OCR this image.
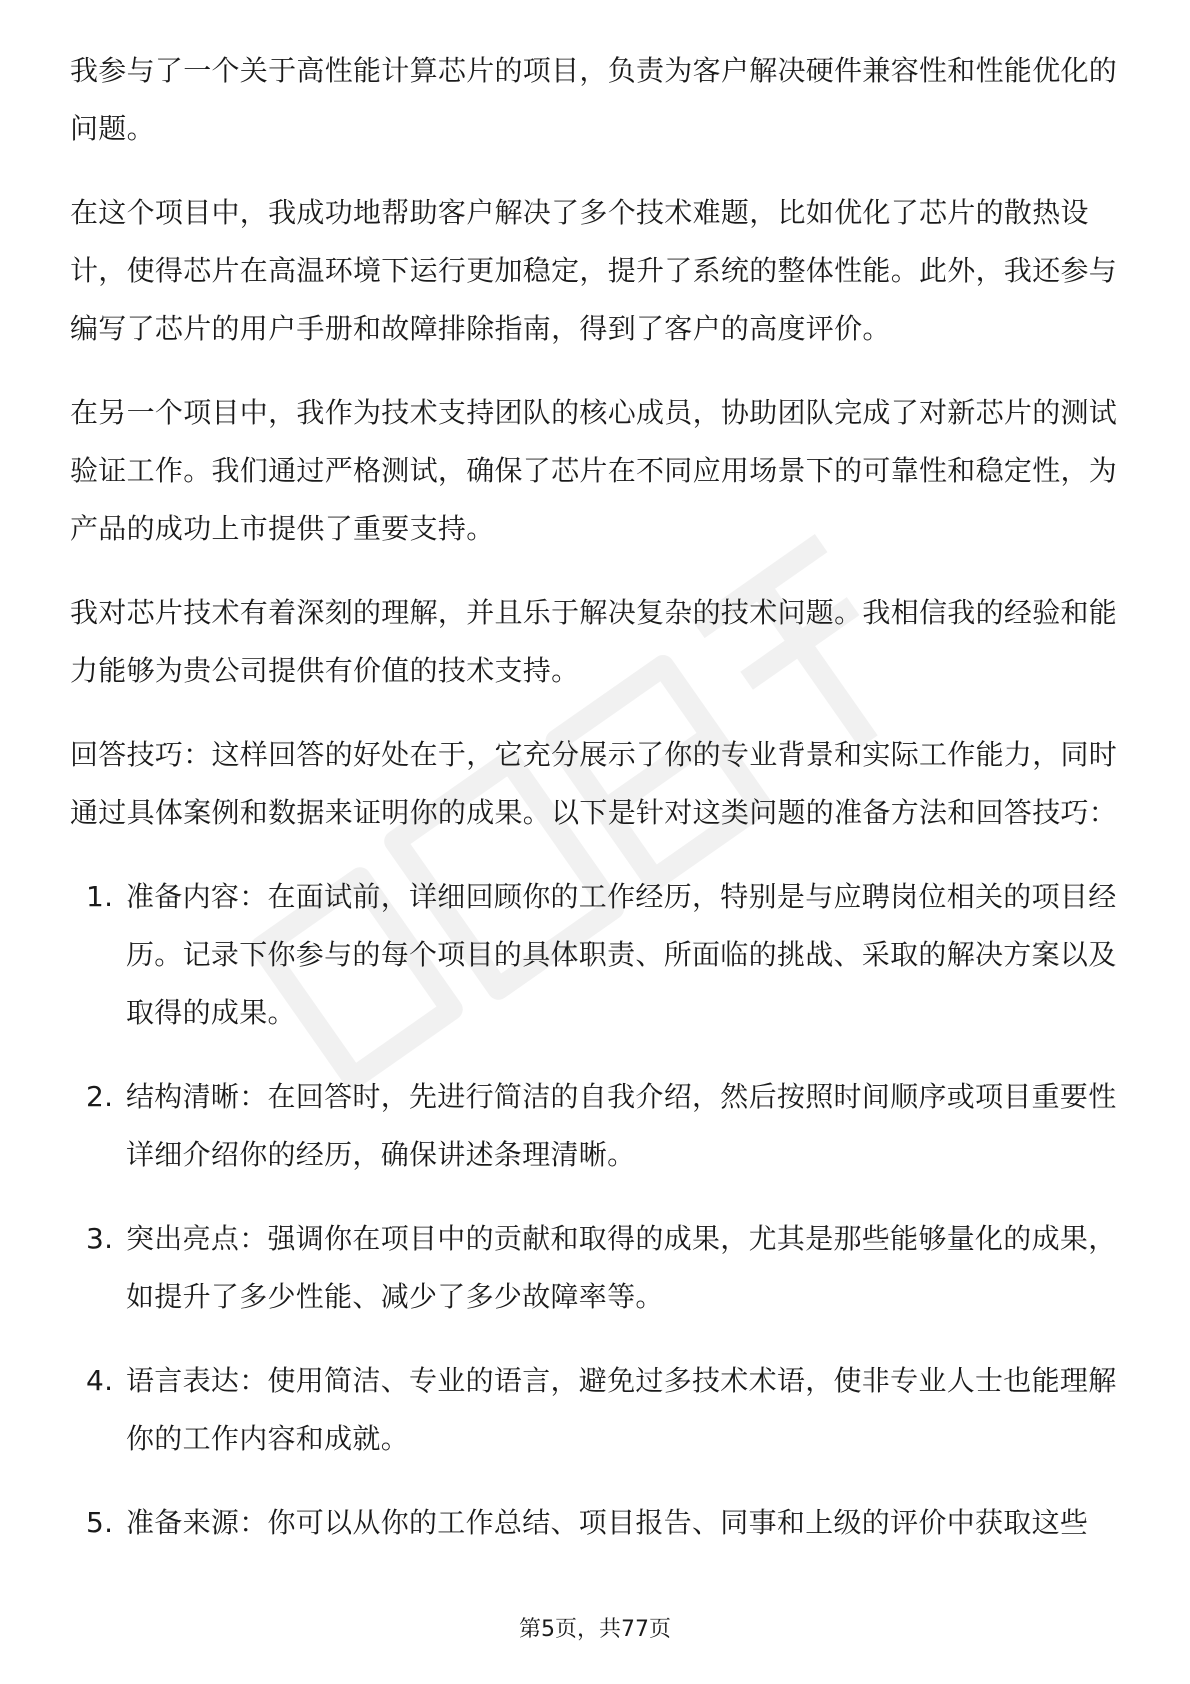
我参与了一个关于高性能计算芯片的项目，负责为客户解决硬件兼容性和性能优化的问题。

在这个项目中，我成功地帮助客户解决了多个技术难题，比如优化了芯片的散热设计，使得芯片在高温环境下运行更加稳定，提升了系统的整体性能。此外，我还参与编写了芯片的用户手册和故障排除指南，得到了客户的高度评价。

在另一个项目中，我作为技术支持团队的核心成员，协助团队完成了对新芯片的测试验证工作。我们通过严格测试，确保了芯片在不同应用场景下的可靠性和稳定性，为产品的成功上市提供了重要支持。

我对芯片技术有着深刻的理解，并且乐于解决复杂的技术问题。我相信我的经验和能力能够为贵公司提供有价值的技术支持。

回答技巧：这样回答的好处在于，它充分展示了你的专业背景和实际工作能力，同时通过具体案例和数据来证明你的成果。以下是针对这类问题的准备方法和回答技巧：

1. 准备内容：在面试前，详细回顾你的工作经历，特别是与应聘岗位相关的项目经历。记录下你参与的每个项目的具体职责、所面临的挑战、采取的解决方案以及取得的成果。
2. 结构清晰：在回答时，先进行简洁的自我介绍，然后按照时间顺序或项目重要性详细介绍你的经历，确保讲述条理清晰。
3. 突出亮点：强调你在项目中的贡献和取得的成果，尤其是那些能够量化的成果，如提升了多少性能、减少了多少故障率等。
4. 语言表达：使用简洁、专业的语言，避免过多技术术语，使非专业人士也能理解你的工作内容和成就。
5. 准备来源：你可以从你的工作总结、项目报告、同事和上级的评价中获取这些
第5页，共77页
